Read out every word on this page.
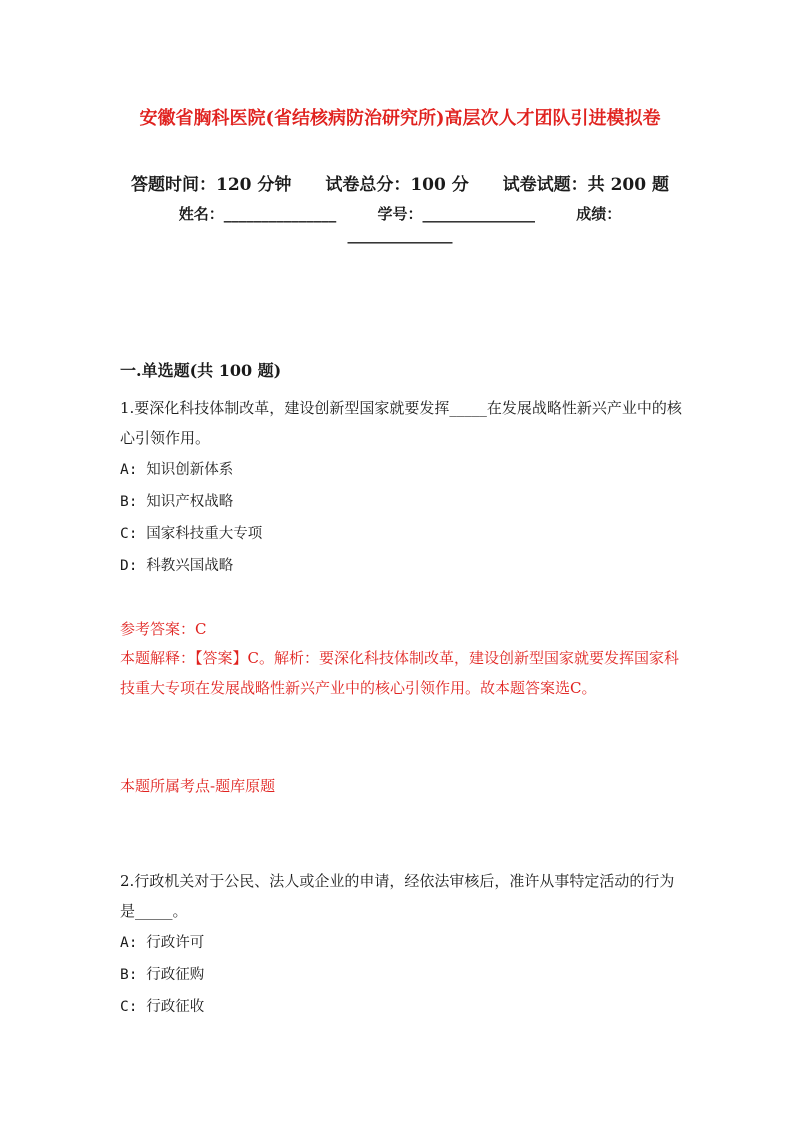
安徽省胸科医院(省结核病防治研究所)高层次人才团队引进模拟卷
答题时间：120 分钟 试卷总分：100 分 试卷试题：共 200 题
姓名：_______________	学号：_______________	成绩：
______________
一.单选题(共 100 题)
1.要深化科技体制改革，建设创新型国家就要发挥_____在发展战略性新兴产业中的核心引领作用。
A: 知识创新体系
B: 知识产权战略
C: 国家科技重大专项
D: 科教兴国战略
参考答案：C
本题解释：【答案】C。解析：要深化科技体制改革，建设创新型国家就要发挥国家科技重大专项在发展战略性新兴产业中的核心引领作用。故本题答案选C。
本题所属考点-题库原题
2.行政机关对于公民、法人或企业的申请，经依法审核后，准许从事特定活动的行为是_____。
A: 行政许可
B: 行政征购
C: 行政征收
